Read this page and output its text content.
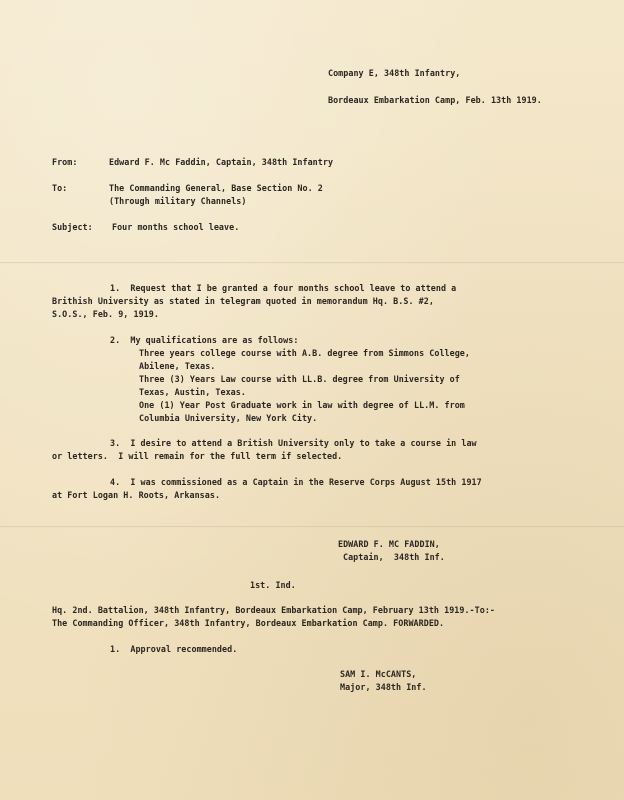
Company E, 348th Infantry,
Bordeaux Embarkation Camp, Feb. 13th 1919.
From:	Edward F. Mc Faddin, Captain, 348th Infantry
To:	The Commanding General, Base Section No. 2
(Through military Channels)
Subject: Four months school leave.
1.  Request that I be granted a four months school leave to attend a
Brithish University as stated in telegram quoted in memorandum Hq. B.S. #2,
S.O.S., Feb. 9, 1919.
2.  My qualifications are as follows:
Three years college course with A.B. degree from Simmons College,
Abilene, Texas.
Three (3) Years Law course with LL.B. degree from University of
Texas, Austin, Texas.
One (1) Year Post Graduate work in law with degree of LL.M. from
Columbia University, New York City.
3.  I desire to attend a British University only to take a course in law
or letters.  I will remain for the full term if selected.
4.  I was commissioned as a Captain in the Reserve Corps August 15th 1917
at Fort Logan H. Roots, Arkansas.
EDWARD F. MC FADDIN,
Captain,  348th Inf.
1st. Ind.
Hq. 2nd. Battalion, 348th Infantry, Bordeaux Embarkation Camp, February 13th 1919.-To:-
The Commanding Officer, 348th Infantry, Bordeaux Embarkation Camp. FORWARDED.
1.  Approval recommended.
SAM I. McCANTS,
Major, 348th Inf.
